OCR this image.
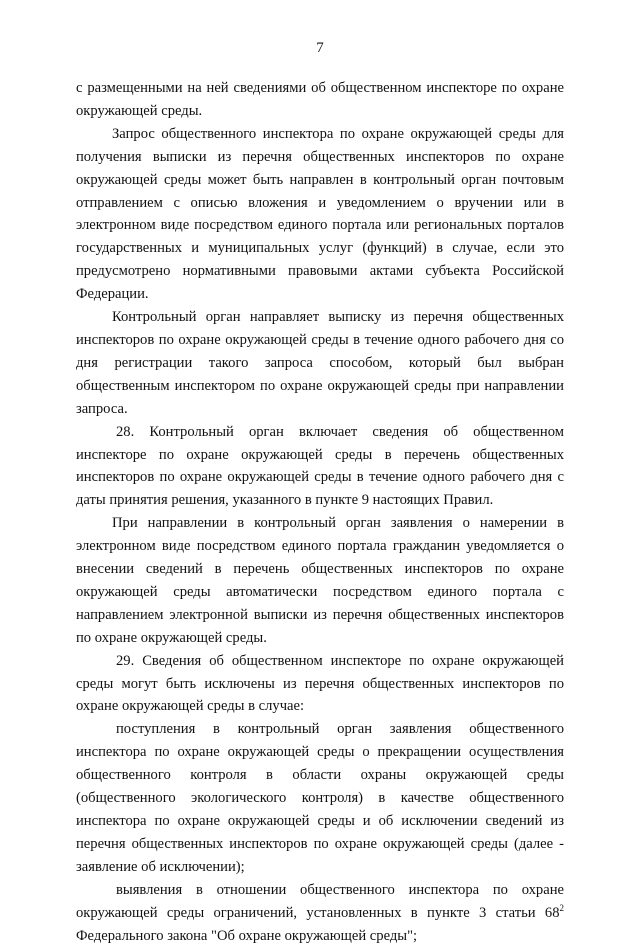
7

с размещенными на ней сведениями об общественном инспекторе по охране окружающей среды.

Запрос общественного инспектора по охране окружающей среды для получения выписки из перечня общественных инспекторов по охране окружающей среды может быть направлен в контрольный орган почтовым отправлением с описью вложения и уведомлением о вручении или в электронном виде посредством единого портала или региональных порталов государственных и муниципальных услуг (функций) в случае, если это предусмотрено нормативными правовыми актами субъекта Российской Федерации.

Контрольный орган направляет выписку из перечня общественных инспекторов по охране окружающей среды в течение одного рабочего дня со дня регистрации такого запроса способом, который был выбран общественным инспектором по охране окружающей среды при направлении запроса.

28. Контрольный орган включает сведения об общественном инспекторе по охране окружающей среды в перечень общественных инспекторов по охране окружающей среды в течение одного рабочего дня с даты принятия решения, указанного в пункте 9 настоящих Правил.

При направлении в контрольный орган заявления о намерении в электронном виде посредством единого портала гражданин уведомляется о внесении сведений в перечень общественных инспекторов по охране окружающей среды автоматически посредством единого портала с направлением электронной выписки из перечня общественных инспекторов по охране окружающей среды.

29. Сведения об общественном инспекторе по охране окружающей среды могут быть исключены из перечня общественных инспекторов по охране окружающей среды в случае:

поступления в контрольный орган заявления общественного инспектора по охране окружающей среды о прекращении осуществления общественного контроля в области охраны окружающей среды (общественного экологического контроля) в качестве общественного инспектора по охране окружающей среды и об исключении сведений из перечня общественных инспекторов по охране окружающей среды (далее - заявление об исключении);

выявления в отношении общественного инспектора по охране окружающей среды ограничений, установленных в пункте 3 статьи $68^2$ Федерального закона "Об охране окружающей среды";
